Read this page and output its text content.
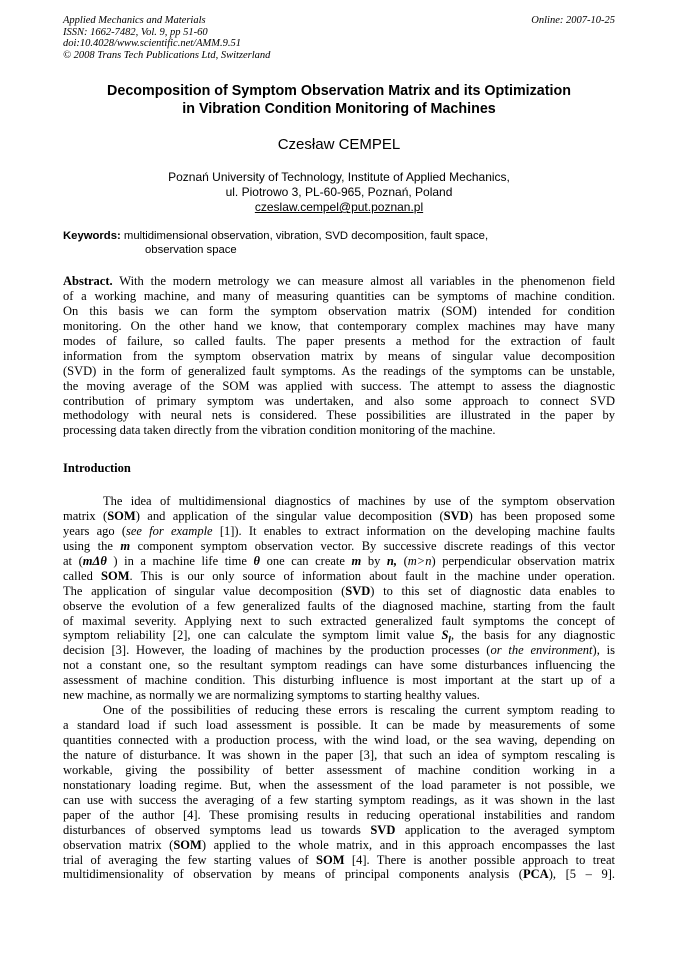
Applied Mechanics and Materials
ISSN: 1662-7482, Vol. 9, pp 51-60
doi:10.4028/www.scientific.net/AMM.9.51
© 2008 Trans Tech Publications Ltd, Switzerland
Online: 2007-10-25
Decomposition of Symptom Observation Matrix and its Optimization
in Vibration Condition Monitoring of Machines
Czesław CEMPEL
Poznań University of Technology, Institute of Applied Mechanics,
ul. Piotrowo 3, PL-60-965, Poznań, Poland
czeslaw.cempel@put.poznan.pl
Keywords: multidimensional observation, vibration, SVD decomposition, fault space,
observation space
Abstract. With the modern metrology we can measure almost all variables in the phenomenon field
of a working machine, and many of measuring quantities can be symptoms of machine condition.
On this basis we can form the symptom observation matrix (SOM) intended for condition
monitoring. On the other hand we know, that contemporary complex machines may have many
modes of failure, so called faults. The paper presents a method for the extraction of fault
information from the symptom observation matrix by means of singular value decomposition
(SVD) in the form of generalized fault symptoms. As the readings of the symptoms can be unstable,
the moving average of the SOM was applied with success. The attempt to assess the diagnostic
contribution of primary symptom was undertaken, and also some approach to connect SVD
methodology with neural nets is considered. These possibilities are illustrated in the paper by
processing data taken directly from the vibration condition monitoring of the machine.
Introduction
The idea of multidimensional diagnostics of machines by use of the symptom observation
matrix (SOM) and application of the singular value decomposition (SVD) has been proposed some
years ago (see for example [1]). It enables to extract information on the developing machine faults
using the m component symptom observation vector. By successive discrete readings of this vector
at (mΔθ ) in a machine life time θ one can create m by n, (m>n) perpendicular observation matrix
called SOM. This is our only source of information about fault in the machine under operation.
The application of singular value decomposition (SVD) to this set of diagnostic data enables to
observe the evolution of a few generalized faults of the diagnosed machine, starting from the fault
of maximal severity. Applying next to such extracted generalized fault symptoms the concept of
symptom reliability [2], one can calculate the symptom limit value $S_l$, the basis for any diagnostic
decision [3]. However, the loading of machines by the production processes (or the environment), is
not a constant one, so the resultant symptom readings can have some disturbances influencing the
assessment of machine condition. This disturbing influence is most important at the start up of a
new machine, as normally we are normalizing symptoms to starting healthy values.
One of the possibilities of reducing these errors is rescaling the current symptom reading to
a standard load if such load assessment is possible. It can be made by measurements of some
quantities connected with a production process, with the wind load, or the sea waving, depending on
the nature of disturbance. It was shown in the paper [3], that such an idea of symptom rescaling is
workable, giving the possibility of better assessment of machine condition working in a
nonstationary loading regime. But, when the assessment of the load parameter is not possible, we
can use with success the averaging of a few starting symptom readings, as it was shown in the last
paper of the author [4]. These promising results in reducing operational instabilities and random
disturbances of observed symptoms lead us towards SVD application to the averaged symptom
observation matrix (SOM) applied to the whole matrix, and in this approach encompasses the last
trial of averaging the few starting values of SOM [4]. There is another possible approach to treat
multidimensionality of observation by means of principal components analysis (PCA), [5 – 9].
